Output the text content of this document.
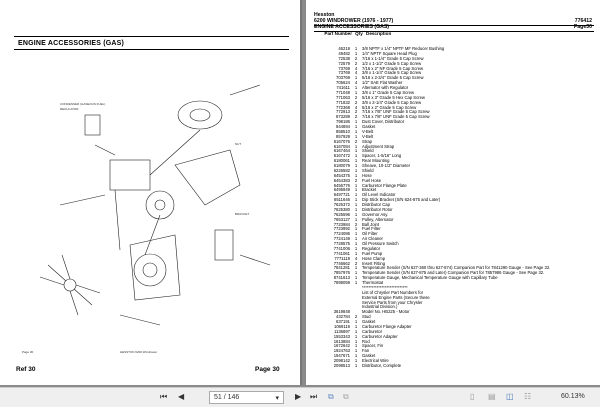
ENGINE ACCESSORIES (GAS)
CONDENSER (GASEOUS FUEL)
REGULATOR
NUT
BRACKET
Page 30	HESSTON 6200 Windrower
Ref 30	Page 30
Hesston
6200 WINDROWER (1976 - 1977)	776412
ENGINE ACCESSORIES (GAS)	Page30
Part Number Qty Description
46219	1	3/8 NPTF x 1/4" NPTF MF Reducer Bushing
49482	1	1/4" NPTF Square Head Plug
72538	2	7/16 x 1-1/4" Grade 5 Cap Screw
72579	2	1/2 x 1-1/2" Grade 5 Cap Screw
73769	4	7/16 x 2" NF Grade 5 Cap Screw
73769	4	3/8 x 1-1/4" Grade 5 Cap Screw
703769	1	5/16 x 2-3/4" Grade 5 Cap Screw
705624	4	1/2" SAE Flat Washer
741611	1	Alternator with Regulator
771048	1	3/8 x 1" Grade 5 Cap Screw
771063	2	5/16 x 3" Grade 5 Hex Cap Screw
771832	2	3/8 x 2-1/4" Grade 5 Cap Screw
772368	4	5/16 x 2" Grade 5 Cap Screw
772913	2	7/16 x 7/8" UNF Grade 5 Cap Screw
873289	2	7/16 x 7/8" UNF Grade 5 Cap Screw
798186	1	Dust Cover, Distributor
844894	1	Gasket
858510	1	V-Belt
857929	1	V-Belt
6167076	2	Strap
6167084	1	Adjustment Strap
6167464	1	Shield
6167472	1	Spacer, 1-5/16" Long
6180061	1	Rear Mounting
6180079	1	Sheave, 10-1/2" Diameter
6226582	1	Shield
6454375	1	Hose
6454383	2	Fuel Hose
6456776	1	Carburetor Flange Plate
6495949	1	Bracket
6497721	1	Oil Level Indicator
6511646	1	Dip Stick Bracket (S/N 624-875 and Later)
7625372	1	Distributor Cap
7625380	1	Distributor Rotor
7625596	1	Governor Asy.
7653127	1	Pulley, Alternator
7723984	2	Ball Joint
7723992	1	Fuel Filter
7724086	1	Oil Filter
7724149	1	Air Cleaner
7728575	1	Oil Pressure Switch
7741006	1	Regulator
7741061	1	Fuel Pump
7771119	4	Hose Clamp
7746662	2	Insert Fitting
7841281	1	Temperature Sender (S/N 627-360 thru 627-874) Companion Part for 7841290 Gauge - See Page 32.
7857976	1	Temperature Sender (S/N 627-875 and Later) Companion Part for 7857986 Gauge - See Page 32.
8741613	1	Temperature Gauge, Mechanical Temperature Gauge with Capillary Tube
7898059	1	Thermostat
****************************
List of Chrysler Part Numbers for
External Engine Parts (Secure these
Service Parts from your Chrysler
Industrial Division.)
3619848	Model No. HB225 - Motor
432784	2	Stud
637191	1	Gasket
1069119	1	Carburetor Flange Adapter
1136897	1	Carburetor
1553343	1	Carburetor Adapter
1613884	1	Rod
1672642	1	Spacer, Fin
1924763	1	Fan
1947671	1	Gasket
2098142	1	Electrical Wire
2098513	1	Distributor, Complete
⏮ ◀	51 / 146	▾ ▶ ⏭ ⧉ ⧉	▯ ▤ ◫ ☷	60.13%
